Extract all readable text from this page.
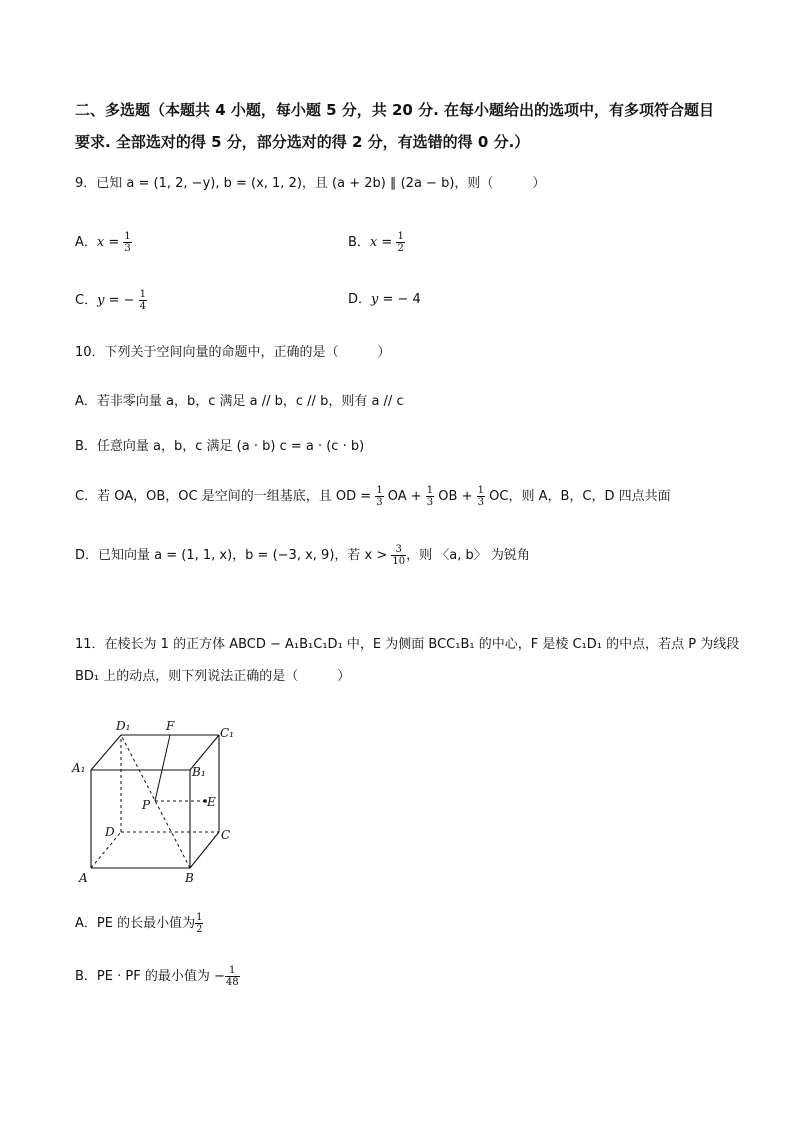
二、多选题（本题共 4 小题，每小题 5 分，共 20 分. 在每小题给出的选项中，有多项符合题目
要求. 全部选对的得 5 分，部分选对的得 2 分，有选错的得 0 分.）
9．已知 a = (1, 2, −y), b = (x, 1, 2)，且 (a + 2b) ∥ (2a − b)，则（　　　）
A．$x = \frac{1}{3}$	B．$x = \frac{1}{2}$
C．y = − $\frac{1}{4}$	D．y = − 4
10．下列关于空间向量的命题中，正确的是（　　　）
A．若非零向量 a，b，c 满足 a // b，c // b，则有 a // c
B．任意向量 a，b，c 满足 (a · b) c = a · (c · b)
C．若 OA，OB，OC 是空间的一组基底，且 OD = $\frac{1}{3}$ OA + $\frac{1}{3}$ OB + $\frac{1}{3}$ OC，则 A，B，C，D 四点共面
D．已知向量 a = (1, 1, x)，b = (−3, x, 9)，若 $x > \frac{3}{10}$ ，则 〈a, b〉 为锐角
11．在棱长为 1 的正方体 ABCD − A₁B₁C₁D₁ 中，E 为侧面 BCC₁B₁ 的中心，F 是棱 C₁D₁ 的中点，若点 P 为线段
BD₁ 上的动点，则下列说法正确的是（　　　）
D₁	F	C₁
A₁	B₁
P	E
D	C
A	B
A．PE 的长最小值为 $\frac{1}{2}$
B．PE · PF 的最小值为 − $\frac{1}{48}$
